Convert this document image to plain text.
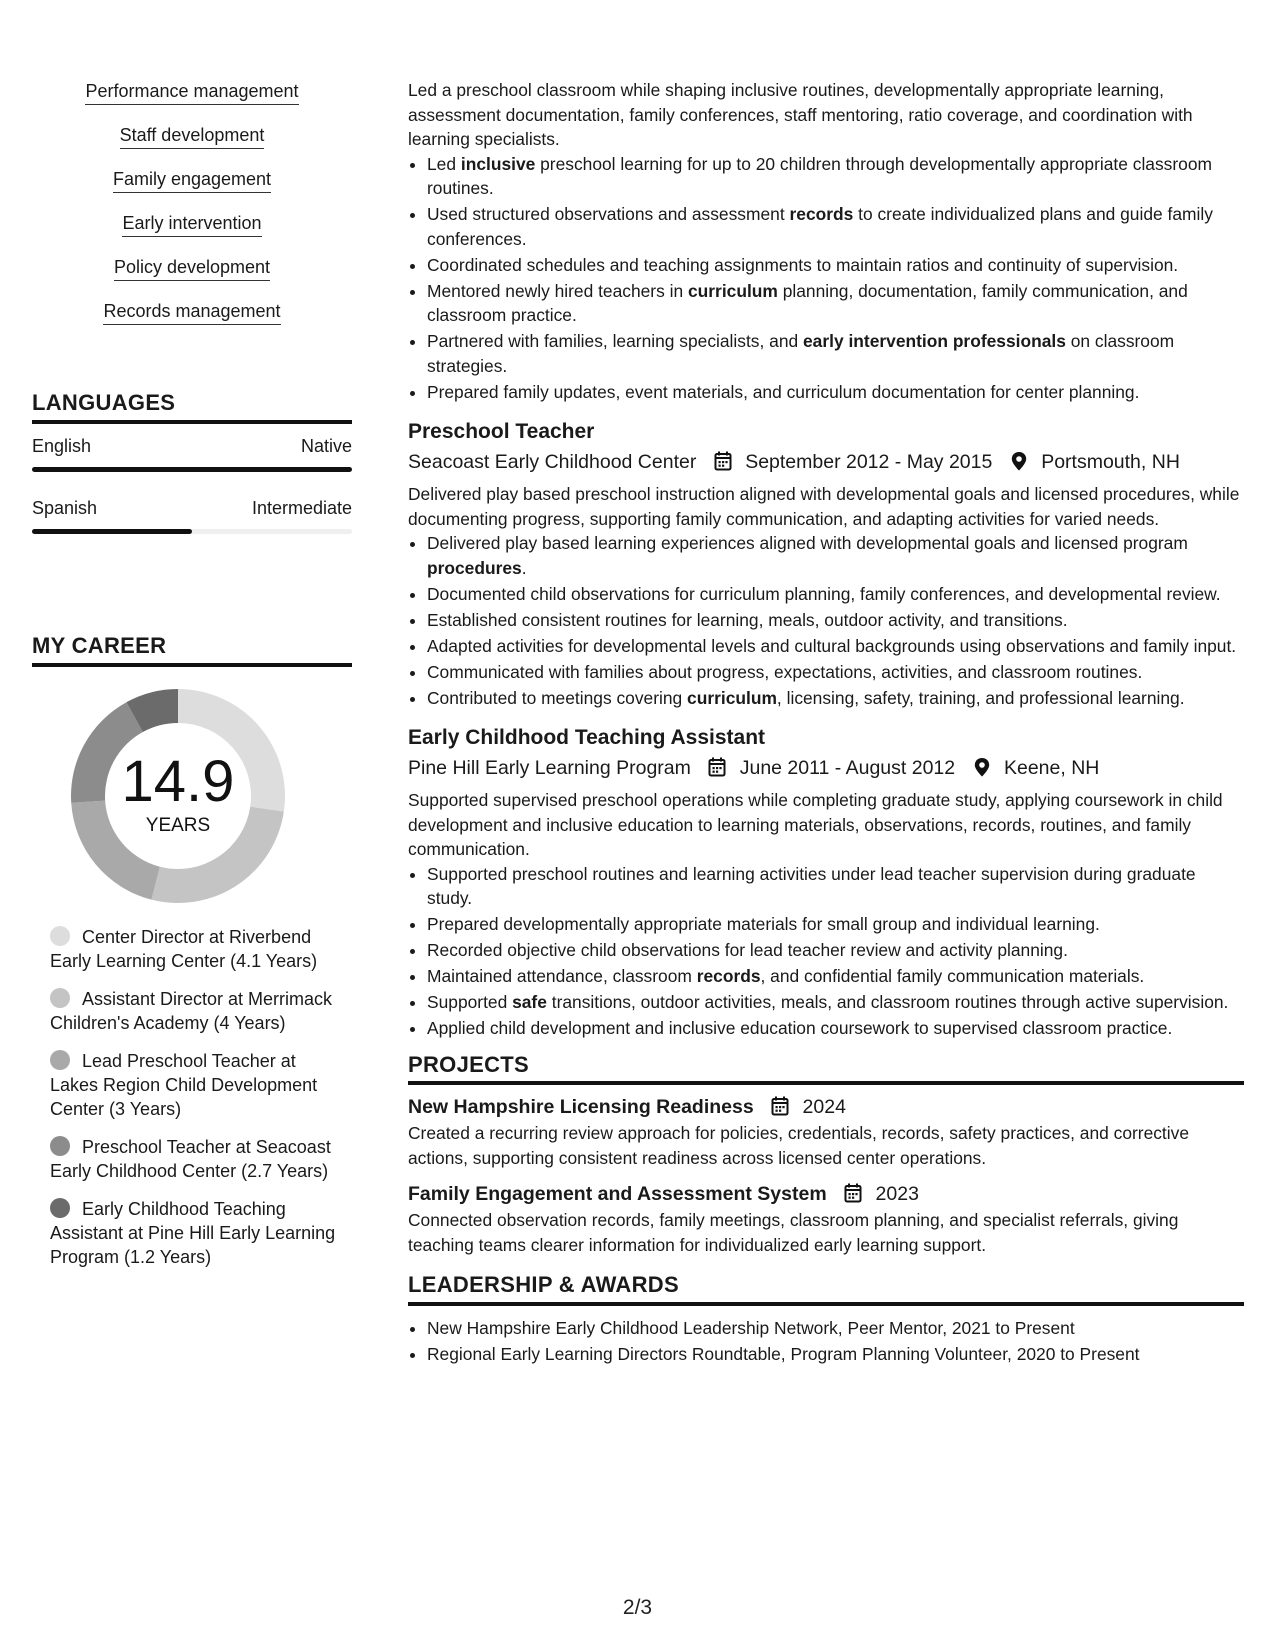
Performance management
Staff development
Family engagement
Early intervention
Policy development
Records management
LANGUAGES
English	Native
Spanish	Intermediate
MY CAREER
14.9
YEARS
Center Director at Riverbend Early Learning Center (4.1 Years)
Assistant Director at Merrimack Children's Academy (4 Years)
Lead Preschool Teacher at Lakes Region Child Development Center (3 Years)
Preschool Teacher at Seacoast Early Childhood Center (2.7 Years)
Early Childhood Teaching Assistant at Pine Hill Early Learning Program (1.2 Years)

Led a preschool classroom while shaping inclusive routines, developmentally appropriate learning, assessment documentation, family conferences, staff mentoring, ratio coverage, and coordination with learning specialists.

• Led inclusive preschool learning for up to 20 children through developmentally appropriate classroom routines.
• Used structured observations and assessment records to create individualized plans and guide family conferences.
• Coordinated schedules and teaching assignments to maintain ratios and continuity of supervision.
• Mentored newly hired teachers in curriculum planning, documentation, family communication, and classroom practice.
• Partnered with families, learning specialists, and early intervention professionals on classroom strategies.
• Prepared family updates, event materials, and curriculum documentation for center planning.
Preschool Teacher
Seacoast Early Childhood Center	September 2012 - May 2015	Portsmouth, NH

Delivered play based preschool instruction aligned with developmental goals and licensed procedures, while documenting progress, supporting family communication, and adapting activities for varied needs.

• Delivered play based learning experiences aligned with developmental goals and licensed program procedures.
• Documented child observations for curriculum planning, family conferences, and developmental review.
• Established consistent routines for learning, meals, outdoor activity, and transitions.
• Adapted activities for developmental levels and cultural backgrounds using observations and family input.
• Communicated with families about progress, expectations, activities, and classroom routines.
• Contributed to meetings covering curriculum, licensing, safety, training, and professional learning.
Early Childhood Teaching Assistant
Pine Hill Early Learning Program	June 2011 - August 2012	Keene, NH

Supported supervised preschool operations while completing graduate study, applying coursework in child development and inclusive education to learning materials, observations, records, routines, and family communication.

• Supported preschool routines and learning activities under lead teacher supervision during graduate study.
• Prepared developmentally appropriate materials for small group and individual learning.
• Recorded objective child observations for lead teacher review and activity planning.
• Maintained attendance, classroom records, and confidential family communication materials.
• Supported safe transitions, outdoor activities, meals, and classroom routines through active supervision.
• Applied child development and inclusive education coursework to supervised classroom practice.
PROJECTS
New Hampshire Licensing Readiness	2024

Created a recurring review approach for policies, credentials, records, safety practices, and corrective actions, supporting consistent readiness across licensed center operations.

Family Engagement and Assessment System	2023

Connected observation records, family meetings, classroom planning, and specialist referrals, giving teaching teams clearer information for individualized early learning support.

LEADERSHIP & AWARDS
• New Hampshire Early Childhood Leadership Network, Peer Mentor, 2021 to Present
• Regional Early Learning Directors Roundtable, Program Planning Volunteer, 2020 to Present
2/3
